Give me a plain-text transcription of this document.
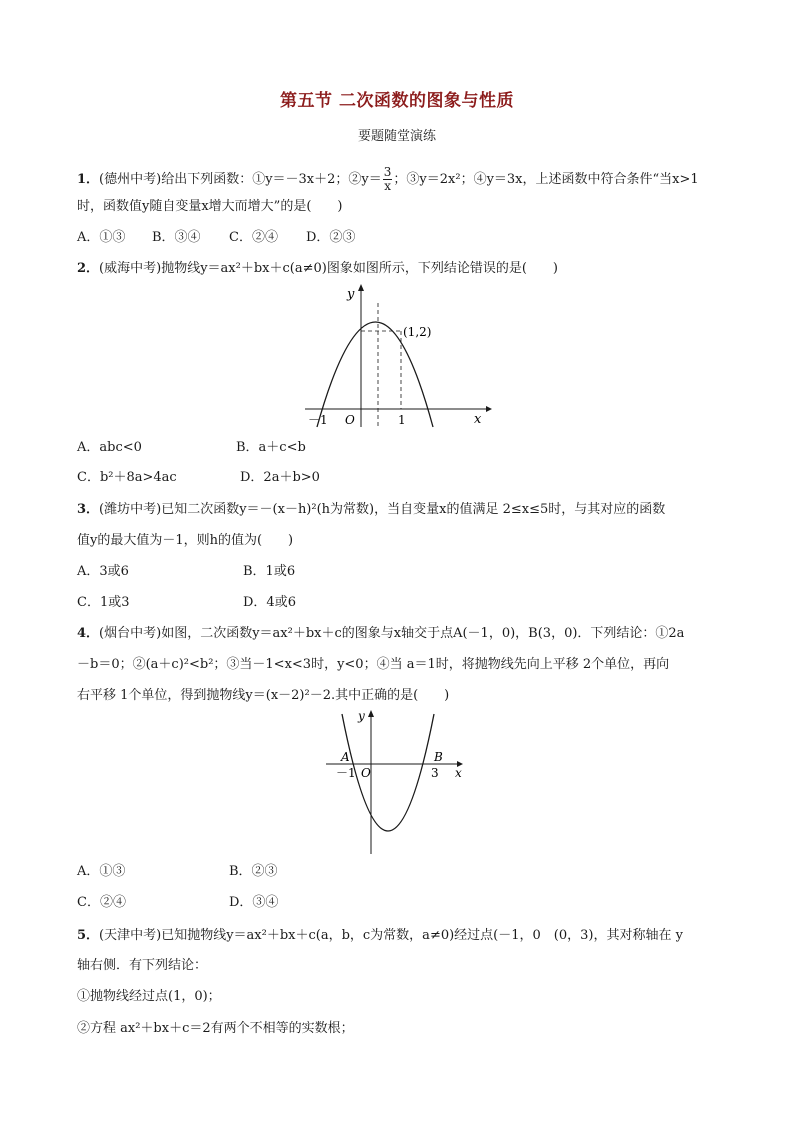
第五节 二次函数的图象与性质
要题随堂演练
1．(德州中考)给出下列函数：①y＝－3x＋2；②y＝ $\frac{3}{x}$ ；③y＝2x²；④y＝3x，上述函数中符合条件“当x>1
时，函数值y随自变量x增大而增大”的是(　　)
A．①③ B．③④ C．②④ D．②③
2．(威海中考)抛物线y＝ax²＋bx＋c(a≠0)图象如图所示，下列结论错误的是(　　)
y
x
O
－1	1
(1,2)
A．abc<0	B．a＋c<b
C．b²＋8a>4ac	D．2a＋b>0
3．(潍坊中考)已知二次函数y＝－(x－h)²(h为常数)，当自变量x的值满足 2≤x≤5时，与其对应的函数
值y的最大值为－1，则h的值为(　　)
A．3或6	B．1或6
C．1或3	D．4或6
4．(烟台中考)如图，二次函数y＝ax²＋bx＋c的图象与x轴交于点A(－1，0)，B(3，0)．下列结论：①2a
－b＝0；②(a＋c)²<b²；③当－1<x<3时，y<0；④当 a＝1时，将抛物线先向上平移 2个单位，再向
右平移 1个单位，得到抛物线y＝(x－2)²－2.其中正确的是(　　)
y
x
A	B
O
－1	3
A．①③	B．②③
C．②④	D．③④
5．(天津中考)已知抛物线y＝ax²＋bx＋c(a，b，c为常数，a≠0)经过点(－1，0　(0，3)，其对称轴在 y
轴右侧．有下列结论：
①抛物线经过点(1，0)；
②方程 ax²＋bx＋c＝2有两个不相等的实数根；
